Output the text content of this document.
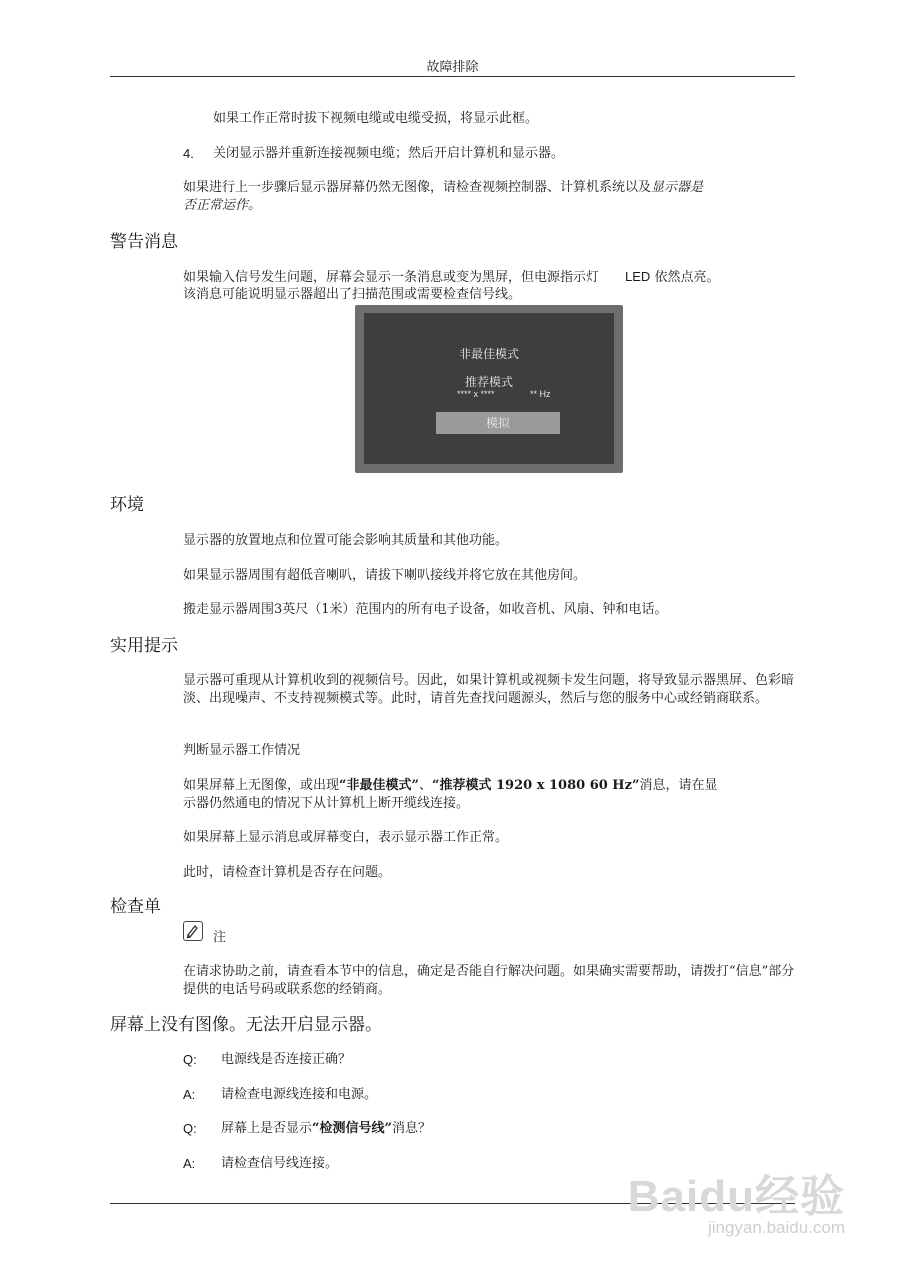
故障排除
如果工作正常时拔下视频电缆或电缆受损，将显示此框。
4. 关闭显示器并重新连接视频电缆；然后开启计算机和显示器。
如果进行上一步骤后显示器屏幕仍然无图像，请检查视频控制器、计算机系统以及显示器是
否正常运作。
警告消息
如果输入信号发生问题，屏幕会显示一条消息或变为黑屏，但电源指示灯 LED 依然点亮。
该消息可能说明显示器超出了扫描范围或需要检查信号线。
非最佳模式
推荐模式
**** x ****	** Hz
模拟
环境
显示器的放置地点和位置可能会影响其质量和其他功能。
如果显示器周围有超低音喇叭，请拔下喇叭接线并将它放在其他房间。
搬走显示器周围3英尺（1米）范围内的所有电子设备，如收音机、风扇、钟和电话。
实用提示
显示器可重现从计算机收到的视频信号。因此，如果计算机或视频卡发生问题，将导致显示器黑屏、色彩暗淡、出现噪声、不支持视频模式等。此时，请首先查找问题源头，然后与您的服务中心或经销商联系。
判断显示器工作情况
如果屏幕上无图像，或出现“非最佳模式”、“推荐模式 1920 x 1080 60 Hz”消息，请在显
示器仍然通电的情况下从计算机上断开缆线连接。
如果屏幕上显示消息或屏幕变白，表示显示器工作正常。
此时，请检查计算机是否存在问题。
检查单
注
在请求协助之前，请查看本节中的信息，确定是否能自行解决问题。如果确实需要帮助，请拨打“信息”部分提供的电话号码或联系您的经销商。
屏幕上没有图像。无法开启显示器。
Q: 电源线是否连接正确？
A: 请检查电源线连接和电源。
Q: 屏幕上是否显示“检测信号线”消息？
A: 请检查信号线连接。
Baidu经验
jingyan.baidu.com
